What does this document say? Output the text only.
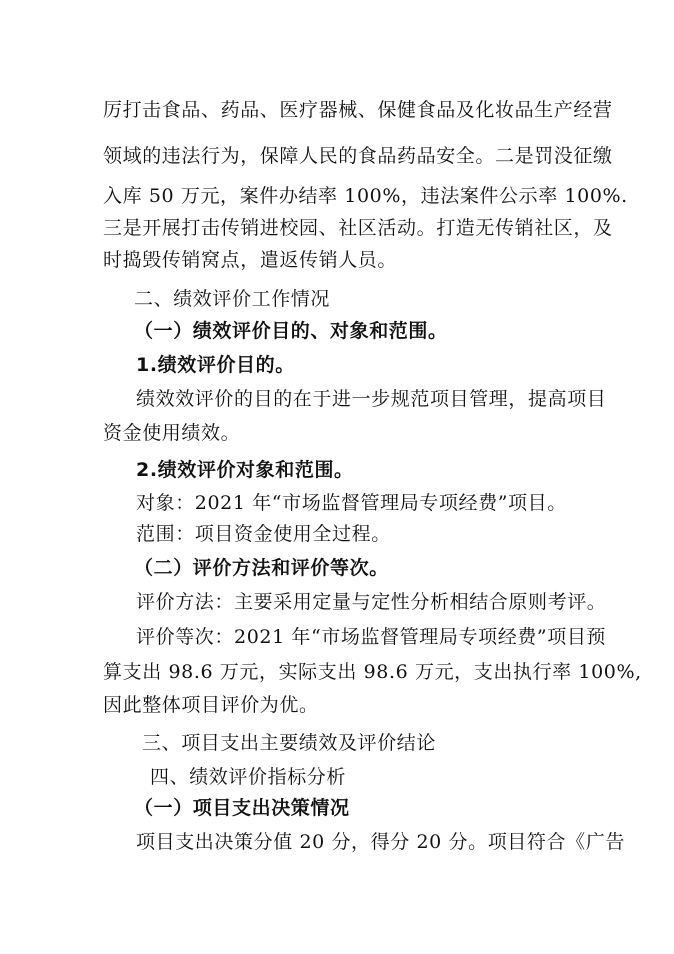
厉打击食品、药品、医疗器械、保健食品及化妆品生产经营
领域的违法行为，保障人民的食品药品安全。二是罚没征缴
入库 50 万元，案件办结率 100%，违法案件公示率 100%.
三是开展打击传销进校园、社区活动。打造无传销社区，及
时捣毁传销窝点，遣返传销人员。
二、绩效评价工作情况
（一）绩效评价目的、对象和范围。
1.绩效评价目的。
绩效效评价的目的在于进一步规范项目管理，提高项目
资金使用绩效。
2.绩效评价对象和范围。
对象：2021 年“市场监督管理局专项经费”项目。
范围：项目资金使用全过程。
（二）评价方法和评价等次。
评价方法：主要采用定量与定性分析相结合原则考评。
评价等次：2021 年“市场监督管理局专项经费”项目预
算支出 98.6 万元，实际支出 98.6 万元，支出执行率 100%,
因此整体项目评价为优。
三、项目支出主要绩效及评价结论
四、绩效评价指标分析
（一）项目支出决策情况
项目支出决策分值 20 分，得分 20 分。项目符合《广告
